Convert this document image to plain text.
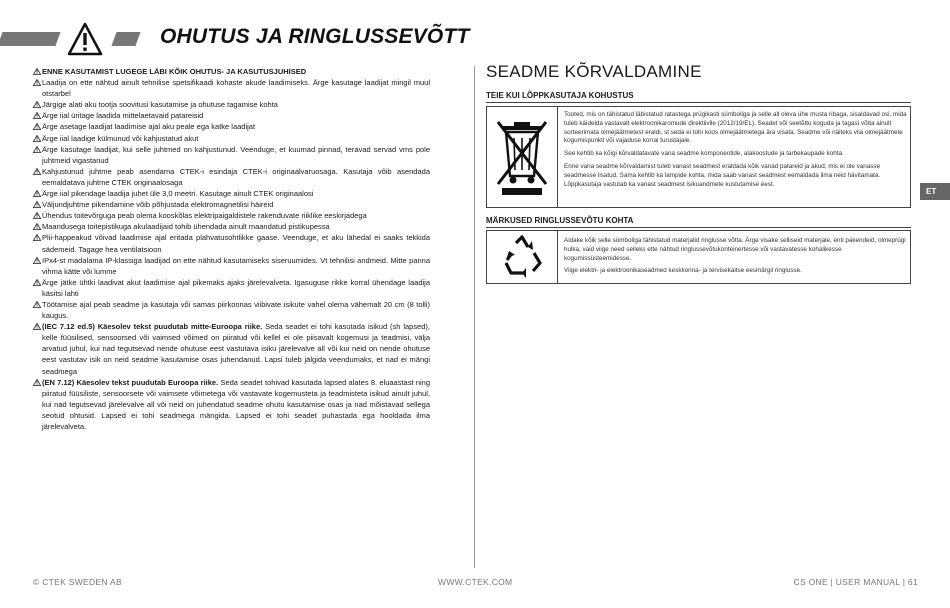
OHUTUS JA RINGLUSSEVÕTT
ENNE KASUTAMIST LUGEGE LÄBI KÕIK OHUTUS- JA KASUTUSJUHISED
Laadija on ette nähtud ainult tehnilise spetsifikaadi kohaste akude laadimiseks. Ärge kasutage laadijat mingil muul otstarbel
Järgige alati aku tootja soovitusi kasutamise ja ohutuse tagamise kohta
Ärge iial üritage laadida mittelaetavaid patareisid
Ärge asetage laadijat laadimise ajal aku peale ega katke laadijat
Ärge iial laadige külmunud või kahjustatud akut
Ärge kasutage laadijat, kui selle juhtmed on kahjustunud. Veenduge, et kuumad pinnad, teravad servad vms pole juhtmeid vigastanud
Kahjustunud juhtme peab asendama CTEK-i esindaja CTEK-i originaalvaruosaga. Kasutaja võib asendada eemaldatava juhtme CTEK originaalosaga
Ärge iial pikendage laadija juhet üle 3,0 meetri. Kasutage ainult CTEK originaalosi
Väljundjuhtme pikendamine võib põhjustada elektromagnetilisi häireid
Ühendus toitevõrguga peab olema kooskõlas elektripaigaldistele rakenduvate riiklike eeskirjadega
Maandusega toitepistikuga akulaadijaid tohib ühendada ainult maandatud pistikupessa
Plii-happeakud võivad laadimise ajal eritada plahvatusohtlikke gaase. Veenduge, et aku lähedal ei saaks tekkida sädemeid. Tagage hea ventilatsioon
IPx4-st madalama IP-klassiga laadijad on ette nähtud kasutamiseks siseruumides. Vt tehnilisi andmeid. Mitte panna vihma kätte või lumme
Ärge jätke ühtki laadivat akut laadimise ajal pikemaks ajaks järelevalveta. Igasuguse rikke korral ühendage laadija käsitsi lahti
Töötamise ajal peab seadme ja kasutaja või samas piirkonnas viibivate isikute vahel olema vähemalt 20 cm (8 tolli) kaugus.
(IEC 7.12 ed.5) Käesolev tekst puudutab mitte-Euroopa riike. Seda seadet ei tohi kasutada isikud (sh lapsed), kelle füüsilised, sensoorsed või vaimsed võimed on piiratud või kellel ei ole piisavalt kogemusi ja teadmisi, välja arvatud juhul, kui nad tegutsevad nende ohutuse eest vastutava isiku järelevalve all või kui neid on nende ohutuse eest vastutav isik on neid seadme kasutamise osas juhendanud. Lapsi tuleb jälgida veendumaks, et nad ei mängi seadmega
(EN 7.12) Käesolev tekst puudutab Euroopa riike. Seda seadet tohivad kasutada lapsed alates 8. eluaastast ning piiratud füüsiliste, sensoorsete või vaimsete võimetega või vastavate kogemusteta ja teadmisteta isikud ainult juhul, kui nad tegutsevad järelevalve all või neid on juhendatud seadme ohutu kasutamise osas ja nad mõistavad sellega seotud ohtusid. Lapsed ei tohi seadmega mängida. Lapsed ei tohi seadet puhastada ega hooldada ilma järelevalveta.
SEADME KÕRVALDAMINE
TEIE KUI LÕPPKASUTAJA KOHUSTUS

Tooted, mis on tähistatud läbistatud ratastega prügikasti sümboliga ja selle all oleva ühe musta ribaga, sisaldavad osi, mida tuleb käidelda vastavalt elektroonikaromude direktiivile (2012/19/EL). Seadet või seetõttu koguda ja tagasi võtta ainult sorteerimata olmejäätmetest eraldi, st seda ei tohi koos olmejäätmetega ära visata. Seadme või näiteks viia olmejäätmete kogumispunkti või vajaduse korral turustajale.

See kehtib ka kõigi kõrvaldatavate vana seadme komponentide, alakoostude ja tarbekaupade kohta.

Enne vana seadme kõrvaldamist tuleb vanast seadmest eraldada kõik vanad patareid ja akud, mis ei ole vanasse seadmesse lisatud. Sama kehtib ka lampide kohta, mida saab vanast seadmest eemaldada ilma neid hävitamata. Lõppkasutaja vastutab ka vanast seadmest isikuandmete kustutamise eest.

MÄRKUSED RINGLUSSEVÕTU KOHTA

Aidake kõik selle sümboliga tähistatud materjalid ringlusse võtta. Ärge visake selliseid materjale, enti pakendeid, olmeprügi hulka, vaid viige need selleks ette nähtud ringlussevõtukonteinertesse või vastavatesse kohalikesse kogumissüsteemidesse.

Viige elektri- ja elektroonikaseadmed keskkonna- ja tervisekaitse eesmärgil ringlusse.

ET
© CTEK SWEDEN AB	WWW.CTEK.COM	CS ONE | USER MANUAL | 61
